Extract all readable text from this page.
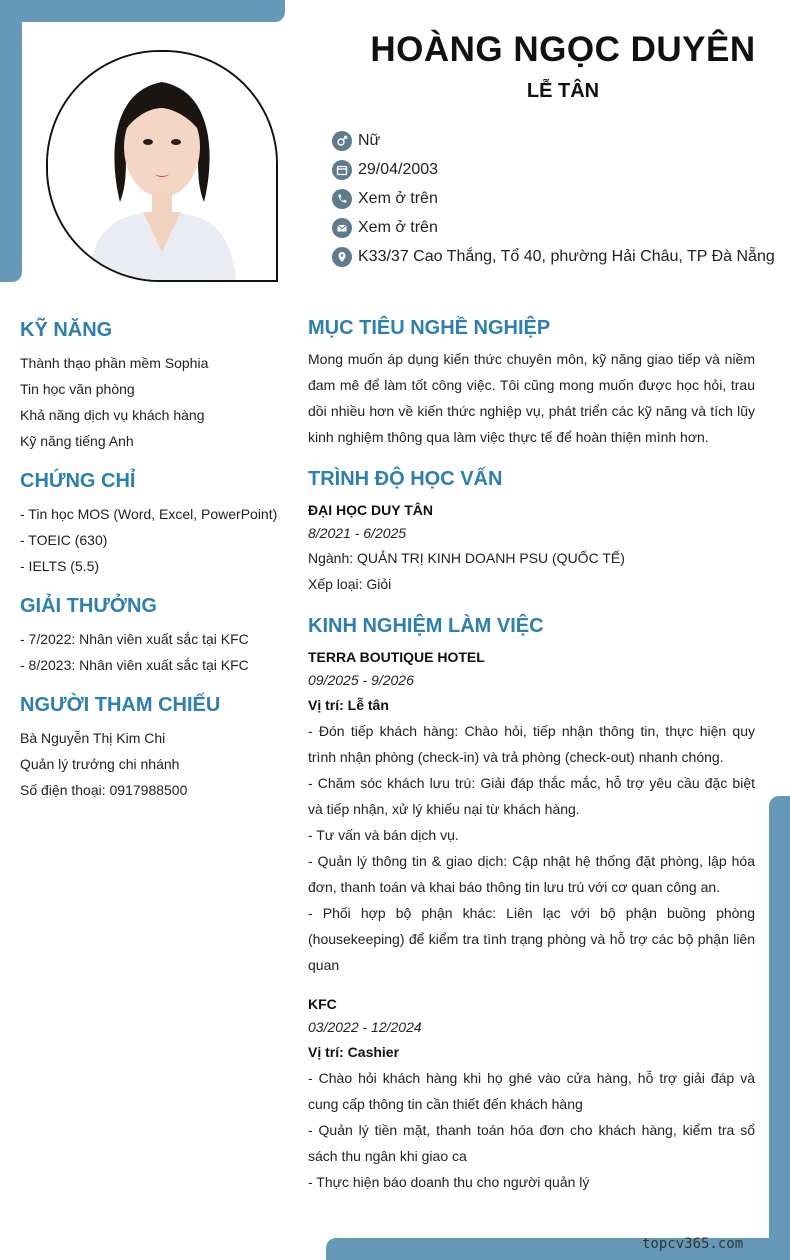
HOÀNG NGỌC DUYÊN
LỄ TÂN
Nữ
29/04/2003
Xem ở trên
Xem ở trên
K33/37 Cao Thắng, Tổ 40, phường Hải Châu, TP Đà Nẵng
KỸ NĂNG
Thành thạo phần mềm Sophia
Tin học văn phòng
Khả năng dịch vụ khách hàng
Kỹ năng tiếng Anh
CHỨNG CHỈ
- Tin học MOS (Word, Excel, PowerPoint)
- TOEIC (630)
- IELTS (5.5)
GIẢI THƯỞNG
- 7/2022: Nhân viên xuất sắc tại KFC
- 8/2023: Nhân viên xuất sắc tại KFC
NGƯỜI THAM CHIẾU
Bà Nguyễn Thị Kim Chi
Quản lý trưởng chi nhánh
Số điện thoại: 0917988500
MỤC TIÊU NGHỀ NGHIỆP
Mong muốn áp dụng kiến thức chuyên môn, kỹ năng giao tiếp và niềm đam mê để làm tốt công việc. Tôi cũng mong muốn được học hỏi, trau dồi nhiều hơn về kiến thức nghiệp vụ, phát triển các kỹ năng và tích lũy kinh nghiệm thông qua làm việc thực tế để hoàn thiện mình hơn.
TRÌNH ĐỘ HỌC VẤN
ĐẠI HỌC DUY TÂN
8/2021 - 6/2025
Ngành: QUẢN TRỊ KINH DOANH PSU (QUỐC TẾ)
Xếp loại: Giỏi
KINH NGHIỆM LÀM VIỆC
TERRA BOUTIQUE HOTEL
09/2025 - 9/2026
Vị trí: Lễ tân
- Đón tiếp khách hàng: Chào hỏi, tiếp nhận thông tin, thực hiện quy trình nhận phòng (check-in) và trả phòng (check-out) nhanh chóng.
- Chăm sóc khách lưu trú: Giải đáp thắc mắc, hỗ trợ yêu cầu đặc biệt và tiếp nhận, xử lý khiếu nại từ khách hàng.
- Tư vấn và bán dịch vụ.
- Quản lý thông tin & giao dịch: Cập nhật hệ thống đặt phòng, lập hóa đơn, thanh toán và khai báo thông tin lưu trú với cơ quan công an.
- Phối hợp bộ phận khác: Liên lạc với bộ phận buồng phòng (housekeeping) để kiểm tra tình trạng phòng và hỗ trợ các bộ phận liên quan
KFC
03/2022 - 12/2024
Vị trí: Cashier
- Chào hỏi khách hàng khi họ ghé vào cửa hàng, hỗ trợ giải đáp và cung cấp thông tin cần thiết đến khách hàng
- Quản lý tiền mặt, thanh toán hóa đơn cho khách hàng, kiểm tra sổ sách thu ngân khi giao ca
- Thực hiện báo doanh thu cho người quản lý
topcv365.com
